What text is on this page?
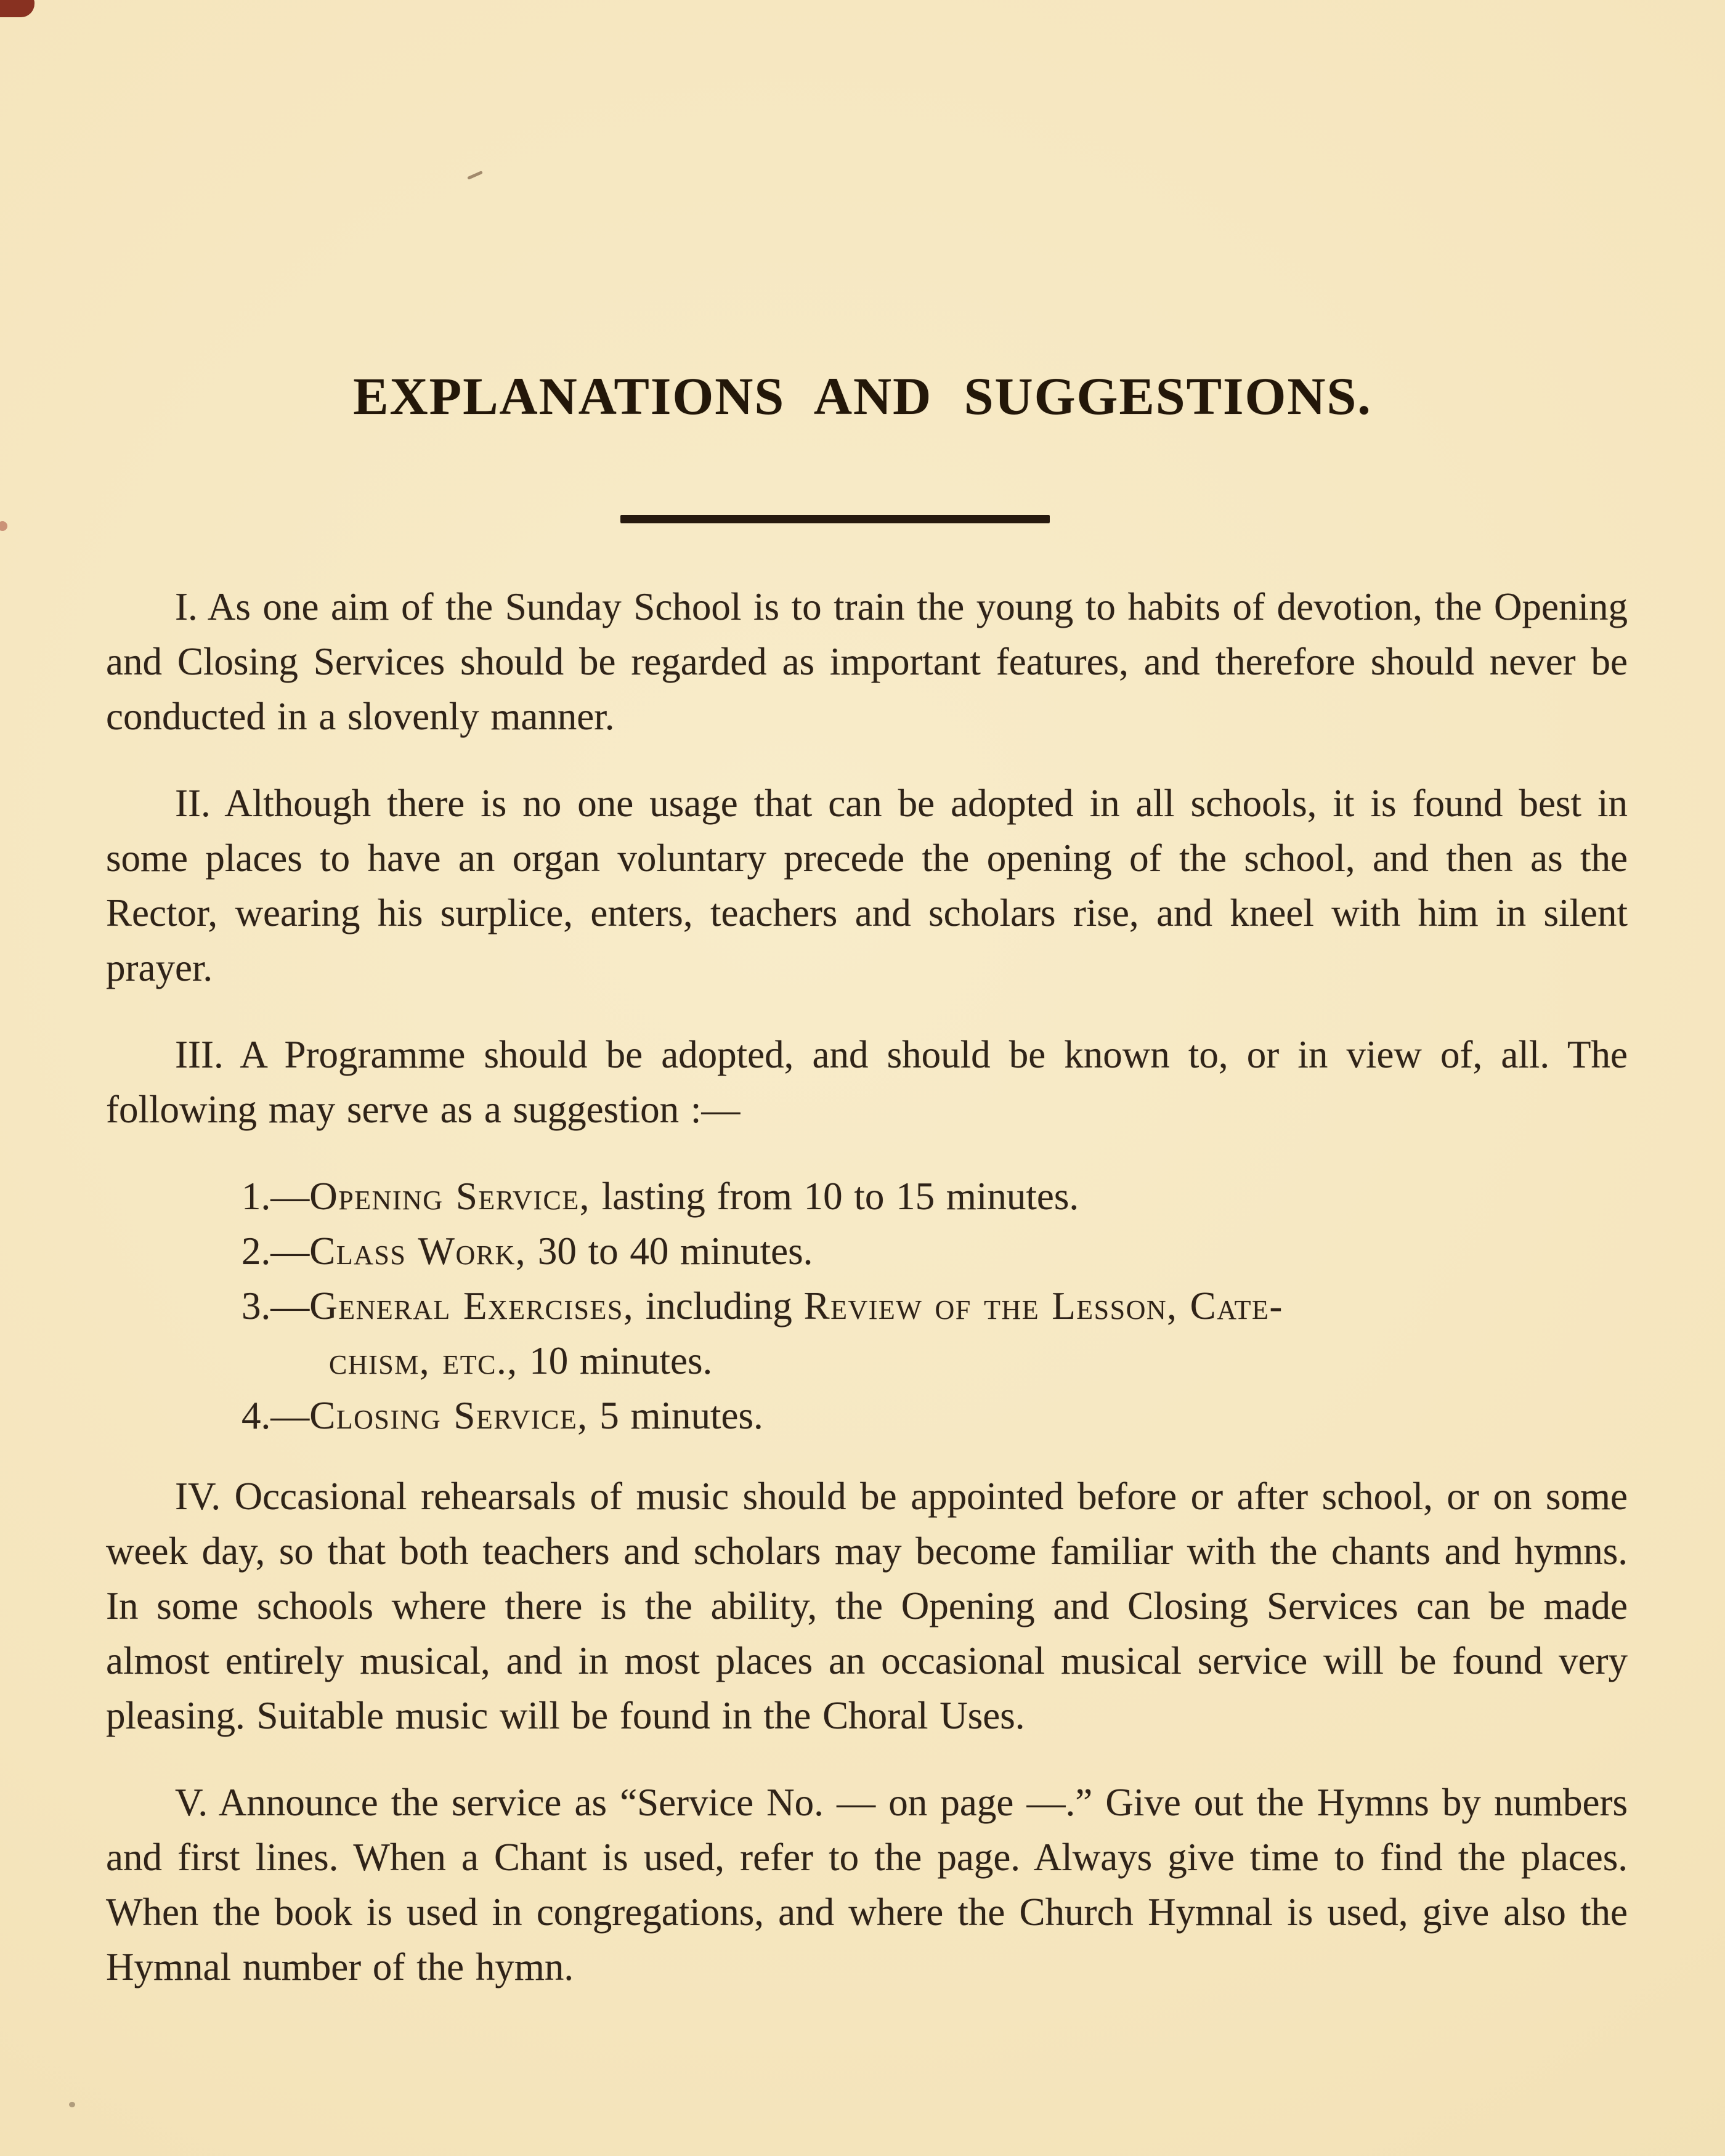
EXPLANATIONS AND SUGGESTIONS.

I. As one aim of the Sunday School is to train the young to habits of devotion, the Opening and Closing Services should be regarded as important features, and therefore should never be conducted in a slovenly manner.

II. Although there is no one usage that can be adopted in all schools, it is found best in some places to have an organ voluntary precede the opening of the school, and then as the Rector, wearing his surplice, enters, teachers and scholars rise, and kneel with him in silent prayer.

III. A Programme should be adopted, and should be known to, or in view of, all. The following may serve as a suggestion :—

1.—Opening Service, lasting from 10 to 15 minutes.
2.—Class Work, 30 to 40 minutes.
3.—General Exercises, including Review of the Lesson, Cate-
chism, etc., 10 minutes.
4.—Closing Service, 5 minutes.

IV. Occasional rehearsals of music should be appointed before or after school, or on some week day, so that both teachers and scholars may become familiar with the chants and hymns. In some schools where there is the ability, the Opening and Closing Services can be made almost entirely musical, and in most places an occasional musical service will be found very pleasing. Suitable music will be found in the Choral Uses.

V. Announce the service as “Service No. — on page —.” Give out the Hymns by numbers and first lines. When a Chant is used, refer to the page. Always give time to find the places. When the book is used in congregations, and where the Church Hymnal is used, give also the Hymnal number of the hymn.
